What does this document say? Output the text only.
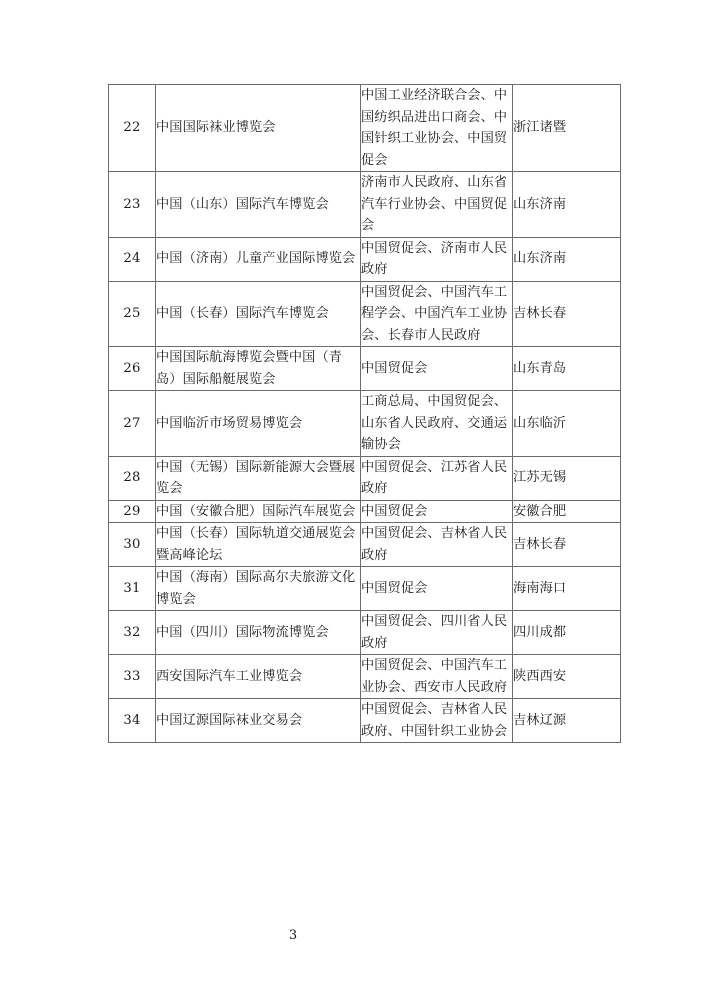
22	中国国际袜业博览会	中国工业经济联合会、中国纺织品进出口商会、中国针织工业协会、中国贸促会	浙江诸暨
23	中国（山东）国际汽车博览会	济南市人民政府、山东省汽车行业协会、中国贸促会	山东济南
24	中国（济南）儿童产业国际博览会	中国贸促会、济南市人民政府	山东济南
25	中国（长春）国际汽车博览会	中国贸促会、中国汽车工程学会、中国汽车工业协会、长春市人民政府	吉林长春
26	中国国际航海博览会暨中国（青岛）国际船艇展览会	中国贸促会	山东青岛
27	中国临沂市场贸易博览会	工商总局、中国贸促会、山东省人民政府、交通运输协会	山东临沂
28	中国（无锡）国际新能源大会暨展览会	中国贸促会、江苏省人民政府	江苏无锡
29	中国（安徽合肥）国际汽车展览会	中国贸促会	安徽合肥
30	中国（长春）国际轨道交通展览会暨高峰论坛	中国贸促会、吉林省人民政府	吉林长春
31	中国（海南）国际高尔夫旅游文化博览会	中国贸促会	海南海口
32	中国（四川）国际物流博览会	中国贸促会、四川省人民政府	四川成都
33	西安国际汽车工业博览会	中国贸促会、中国汽车工业协会、西安市人民政府	陕西西安
34	中国辽源国际袜业交易会	中国贸促会、吉林省人民政府、中国针织工业协会	吉林辽源
3
